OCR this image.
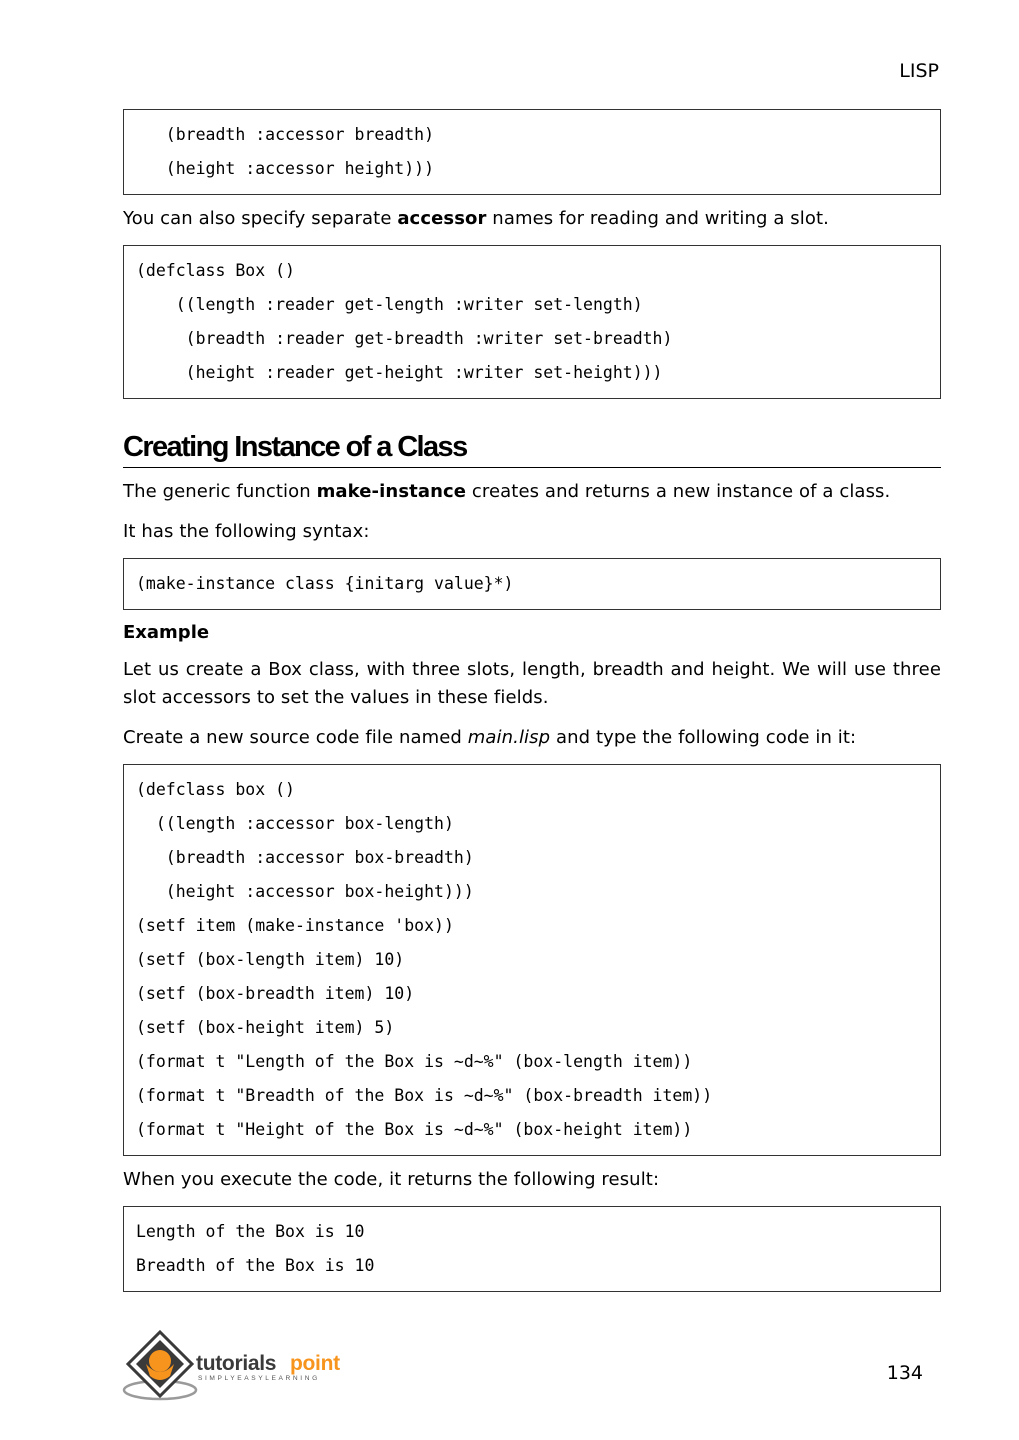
LISP
(breadth :accessor breadth)
(height :accessor height)))

You can also specify separate accessor names for reading and writing a slot.

(defclass Box ()
((length :reader get-length :writer set-length)
(breadth :reader get-breadth :writer set-breadth)
(height :reader get-height :writer set-height)))
Creating Instance of a Class

The generic function make-instance creates and returns a new instance of a class.

It has the following syntax:

(make-instance class {initarg value}*)
Example

Let us create a Box class, with three slots, length, breadth and height. We will use three slot accessors to set the values in these fields.

Create a new source code file named main.lisp and type the following code in it:

(defclass box ()
((length :accessor box-length)
(breadth :accessor box-breadth)
(height :accessor box-height)))
(setf item (make-instance 'box))
(setf (box-length item) 10)
(setf (box-breadth item) 10)
(setf (box-height item) 5)
(format t "Length of the Box is ~d~%" (box-length item))
(format t "Breadth of the Box is ~d~%" (box-breadth item))
(format t "Height of the Box is ~d~%" (box-height item))

When you execute the code, it returns the following result:

Length of the Box is 10
Breadth of the Box is 10
tutorials point
SIMPLYEASYLEARNING	134
